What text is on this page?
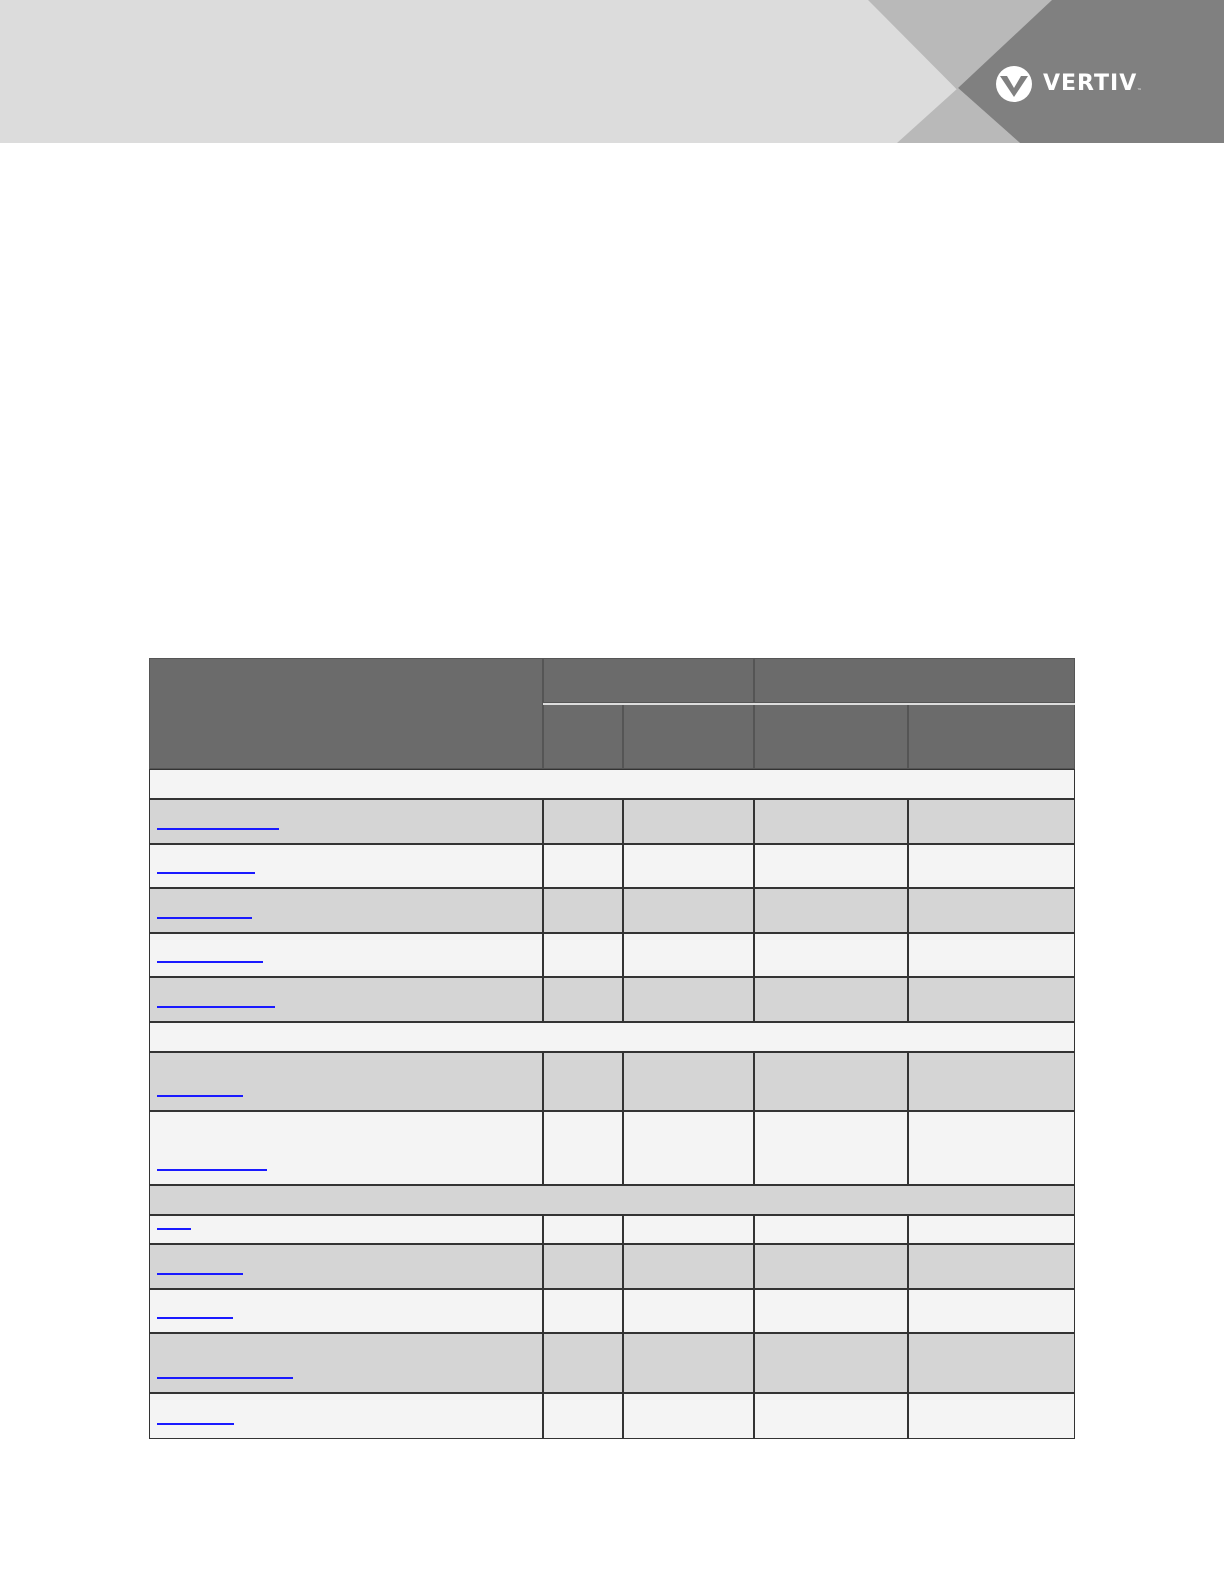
VERTIV ™
